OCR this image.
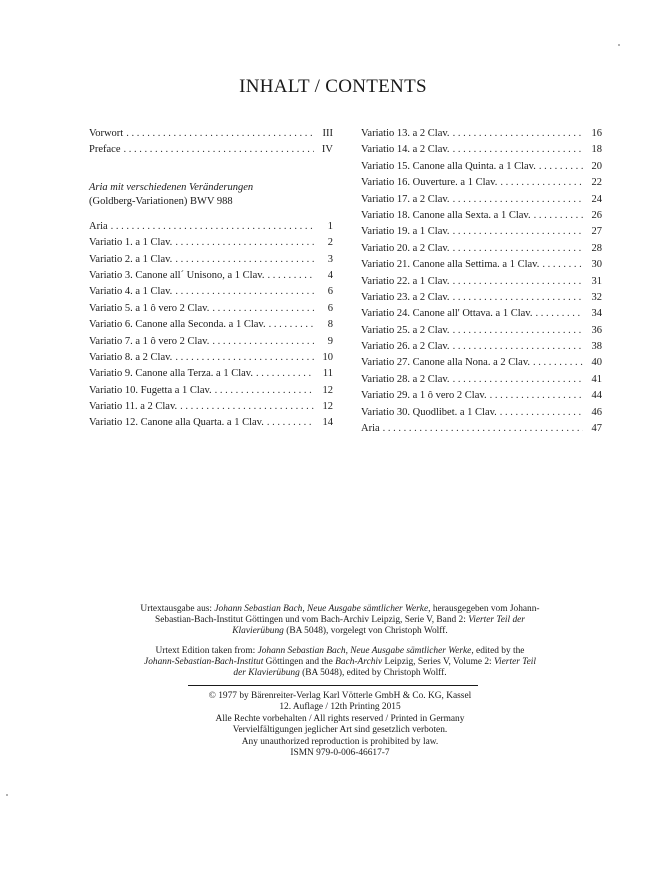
INHALT / CONTENTS
Vorwort . . .	III
Preface . . .	IV
Aria mit verschiedenen Veränderungen
(Goldberg-Variationen) BWV 988
Aria . . .	1
Variatio 1. a 1 Clav. . . .	2
Variatio 2. a 1 Clav. . . .	3
Variatio 3. Canone all´ Unisono, a 1 Clav. . . .	4
Variatio 4. a 1 Clav. . . .	6
Variatio 5. a 1 ô vero 2 Clav. . . .	6
Variatio 6. Canone alla Seconda. a 1 Clav. . . .	8
Variatio 7. a 1 ô vero 2 Clav. . . .	9
Variatio 8. a 2 Clav. . . .	10
Variatio 9. Canone alla Terza. a 1 Clav. . . .	11
Variatio 10. Fugetta a 1 Clav. . . .	12
Variatio 11. a 2 Clav. . . .	12
Variatio 12. Canone alla Quarta. a 1 Clav. . . .	14
Variatio 13. a 2 Clav. . . .	16
Variatio 14. a 2 Clav. . . .	18
Variatio 15. Canone alla Quinta. a 1 Clav. . . .	20
Variatio 16. Ouverture. a 1 Clav. . . .	22
Variatio 17. a 2 Clav. . . .	24
Variatio 18. Canone alla Sexta. a 1 Clav. . . .	26
Variatio 19. a 1 Clav. . . .	27
Variatio 20. a 2 Clav. . . .	28
Variatio 21. Canone alla Settima. a 1 Clav. . . .	30
Variatio 22. a 1 Clav. . . .	31
Variatio 23. a 2 Clav. . . .	32
Variatio 24. Canone all' Ottava. a 1 Clav. . . .	34
Variatio 25. a 2 Clav. . . .	36
Variatio 26. a 2 Clav. . . .	38
Variatio 27. Canone alla Nona. a 2 Clav. . . .	40
Variatio 28. a 2 Clav. . . .	41
Variatio 29. a 1 ô vero 2 Clav. . . .	44
Variatio 30. Quodlibet. a 1 Clav. . . .	46
Aria . . .	47
Urtextausgabe aus: Johann Sebastian Bach, Neue Ausgabe sämtlicher Werke, herausgegeben vom Johann-Sebastian-Bach-Institut Göttingen und vom Bach-Archiv Leipzig, Serie V, Band 2: Vierter Teil der Klavierübung (BA 5048), vorgelegt von Christoph Wolff.
Urtext Edition taken from: Johann Sebastian Bach, Neue Ausgabe sämtlicher Werke, edited by the Johann-Sebastian-Bach-Institut Göttingen and the Bach-Archiv Leipzig, Series V, Volume 2: Vierter Teil der Klavierübung (BA 5048), edited by Christoph Wolff.
© 1977 by Bärenreiter-Verlag Karl Vötterle GmbH & Co. KG, Kassel
12. Auflage / 12th Printing 2015
Alle Rechte vorbehalten / All rights reserved / Printed in Germany
Vervielfältigungen jeglicher Art sind gesetzlich verboten.
Any unauthorized reproduction is prohibited by law.
ISMN 979-0-006-46617-7
